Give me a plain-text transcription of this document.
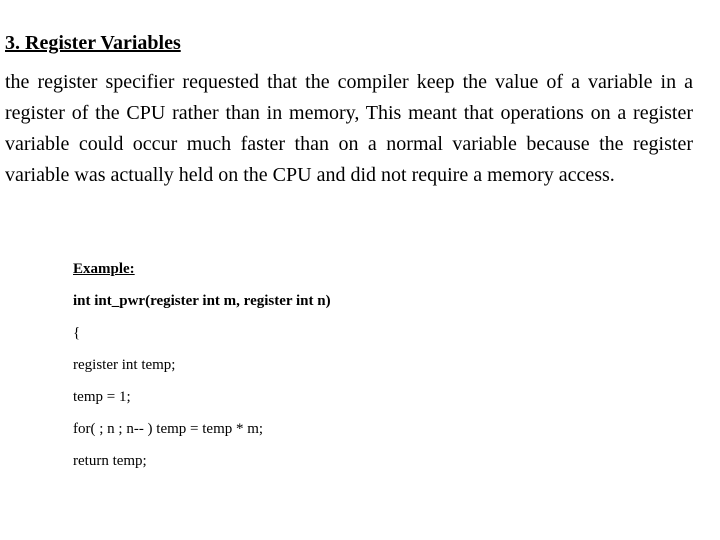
3. Register Variables

the register specifier requested that the compiler keep the value of a variable in a register of the CPU rather than in memory, This meant that operations on a register variable could occur much faster than on a normal variable because the register variable was actually held on the CPU and did not require a memory access.

Example:
int int_pwr(register int m, register int n)
{
register int temp;
temp = 1;
for( ; n ; n-- ) temp = temp * m;
return temp;
